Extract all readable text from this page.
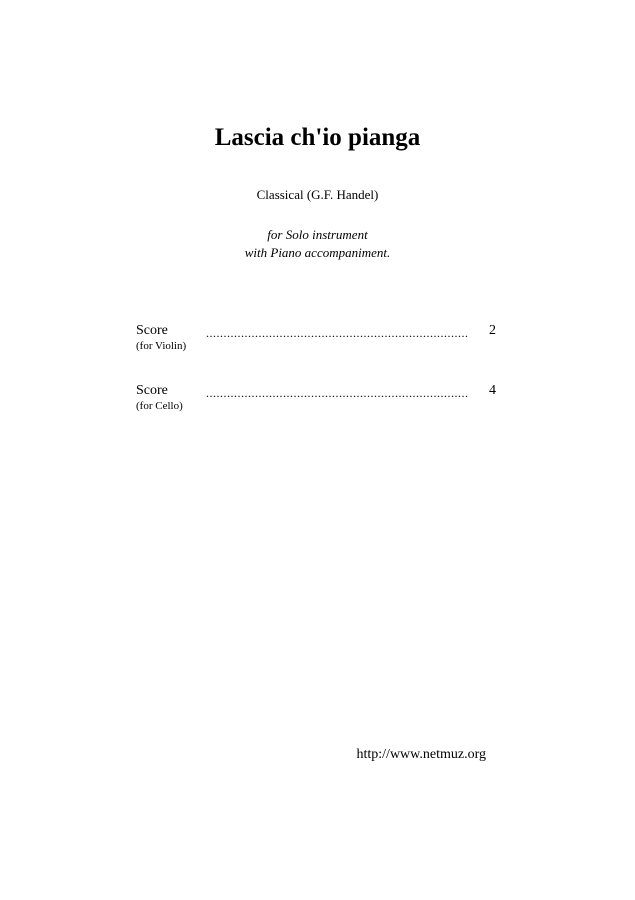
Lascia ch'io pianga
Classical (G.F. Handel)
for Solo instrument
with Piano accompaniment.
Score
(for Violin)
...........................................................................	2
Score
(for Cello)
...........................................................................	4
http://www.netmuz.org
